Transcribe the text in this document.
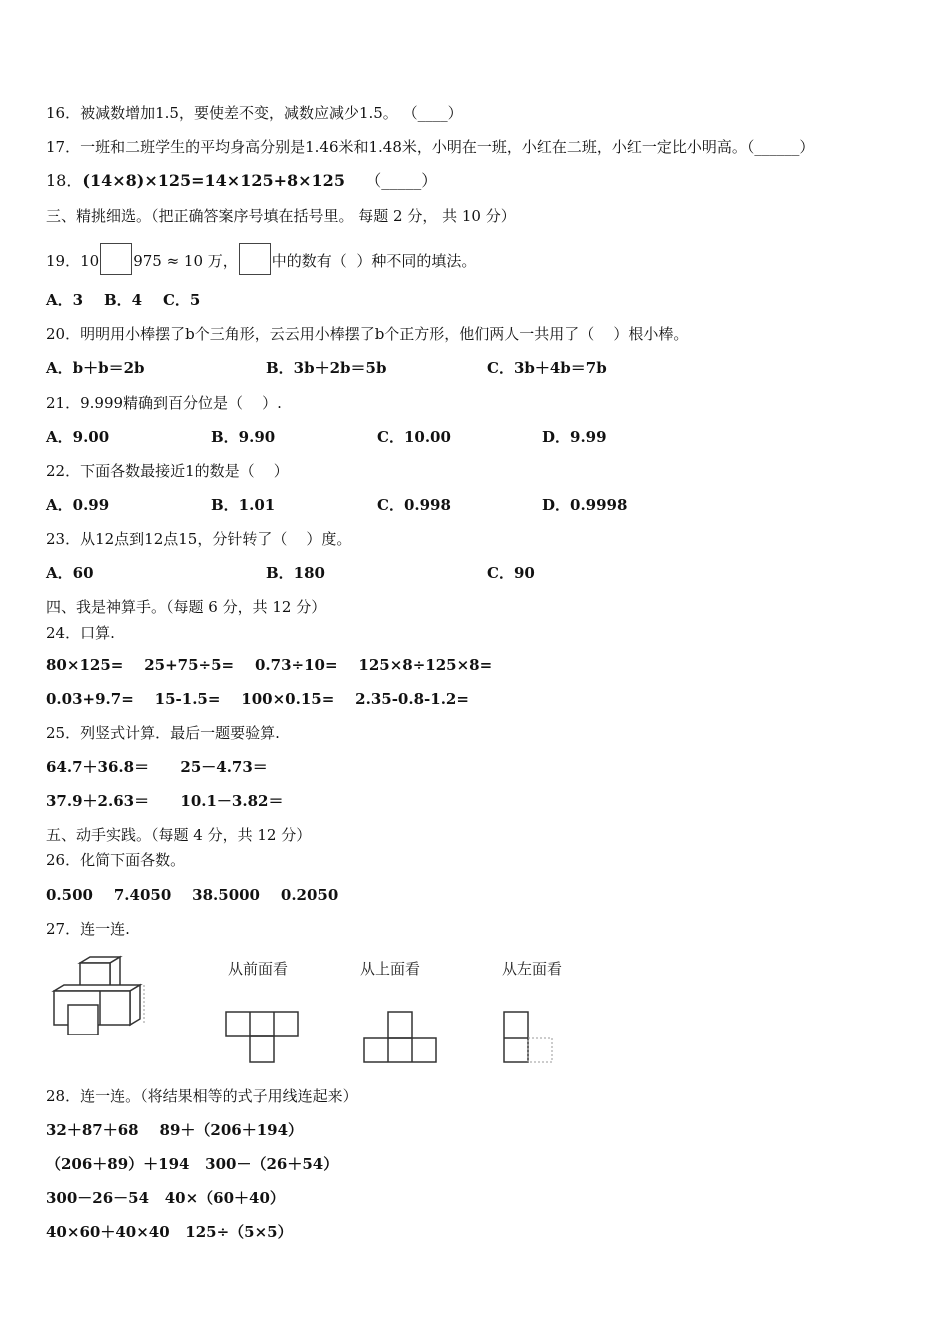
16．被减数增加1.5，要使差不变，减数应减少1.5。 （____）
17．一班和二班学生的平均身高分别是1.46米和1.48米，小明在一班，小红在二班，小红一定比小明高。（______）
18．(14×8)×125=14×125+8×125 （_____）
三、精挑细选。（把正确答案序号填在括号里。 每题 2 分， 共 10 分）
19．10 975 ≈ 10 万， 中的数有（  ）种不同的填法。
A．3    B．4    C．5
20．明明用小棒摆了b个三角形，云云用小棒摆了b个正方形，他们两人一共用了（    ）根小棒。
A．b＋b＝2b	B．3b＋2b＝5b	C．3b＋4b＝7b
21．9.999精确到百分位是（    ）.
A．9.00	B．9.90	C．10.00	D．9.99
22．下面各数最接近1的数是（    ）
A．0.99	B．1.01	C．0.998	D．0.9998
23．从12点到12点15，分针转了（    ）度。
A．60	B．180	C．90
四、我是神算手。（每题 6 分，共 12 分）
24．口算.
80×125=    25+75÷5=    0.73÷10=    125×8÷125×8=
0.03+9.7=    15-1.5=    100×0.15=    2.35-0.8-1.2=
25．列竖式计算．最后一题要验算.
64.7＋36.8＝      25－4.73＝
37.9＋2.63＝      10.1－3.82＝
五、动手实践。（每题 4 分，共 12 分）
26．化简下面各数。
0.500    7.4050    38.5000    0.2050
27．连一连.
从前面看	从上面看	从左面看
28．连一连。（将结果相等的式子用线连起来）
32＋87＋68    89＋（206＋194）
（206＋89）＋194   300－（26＋54）
300－26－54   40×（60＋40）
40×60＋40×40   125÷（5×5）
